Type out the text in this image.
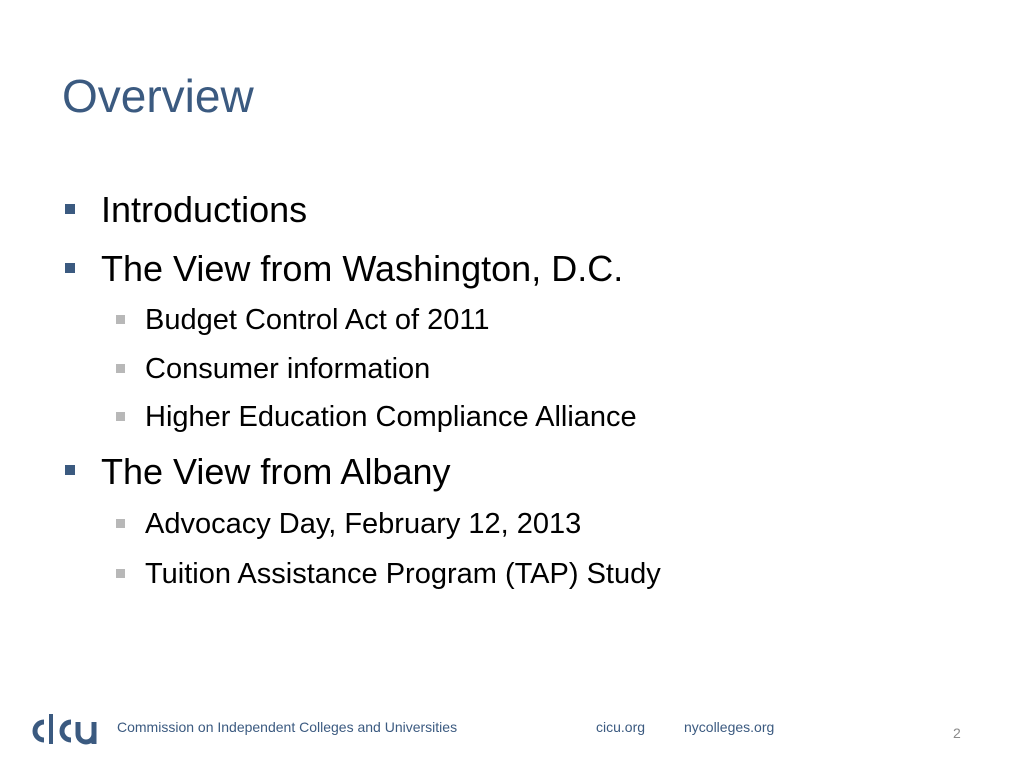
Overview
Introductions
The View from Washington, D.C.
Budget Control Act of 2011
Consumer information
Higher Education Compliance Alliance
The View from Albany
Advocacy Day, February 12, 2013
Tuition Assistance Program (TAP) Study
Commission on Independent Colleges and Universities	cicu.org	nycolleges.org	2
